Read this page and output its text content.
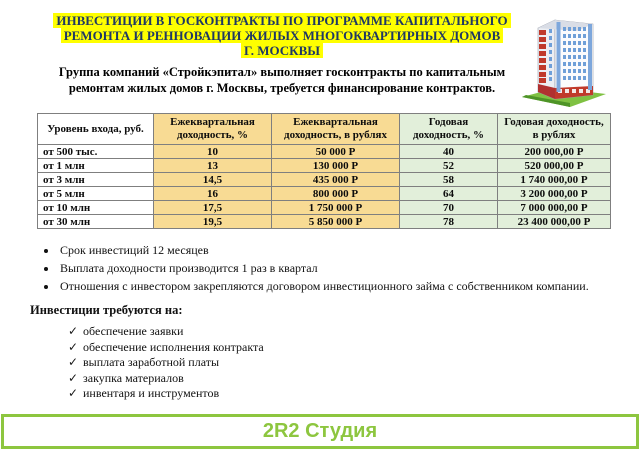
ИНВЕСТИЦИИ В ГОСКОНТРАКТЫ ПО ПРОГРАММЕ КАПИТАЛЬНОГО
РЕМОНТА И РЕННОВАЦИИ ЖИЛЫХ МНОГОКВАРТИРНЫХ ДОМОВ
Г. МОСКВЫ
Группа компаний «Стройкэпитал» выполняет госконтракты по капитальным
ремонтам жилых домов г. Москвы, требуется финансирование контрактов.
Уровень входа, руб.	Ежеквартальная доходность, %	Ежеквартальная доходность, в рублях	Годовая доходность, %	Годовая доходность, в рублях
от 500 тыс.	10	50 000 Р	40	200 000,00 Р
от 1 млн	13	130 000 Р	52	520 000,00 Р
от 3 млн	14,5	435 000 Р	58	1 740 000,00 Р
от 5 млн	16	800 000 Р	64	3 200 000,00 Р
от 10 млн	17,5	1 750 000 Р	70	7 000 000,00 Р
от 30 млн	19,5	5 850 000 Р	78	23 400 000,00 Р
• Срок инвестиций 12 месяцев
• Выплата доходности производится 1 раз в квартал
• Отношения с инвестором закрепляются договором инвестиционного займа с собственником компании.
Инвестиции требуются на:
✓ обеспечение заявки
✓ обеспечение исполнения контракта
✓ выплата заработной платы
✓ закупка материалов
✓ инвентаря и инструментов
2R2 Студия
